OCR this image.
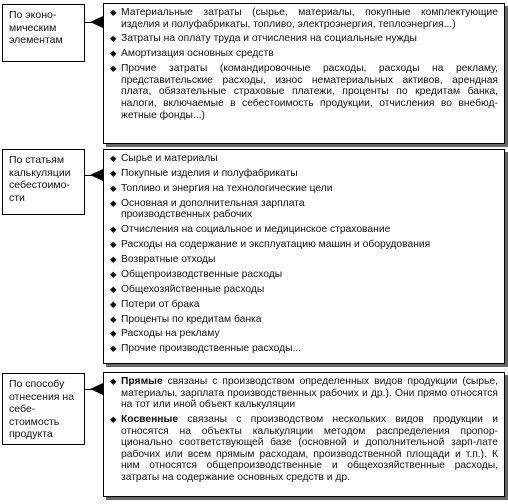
По эконо-мическим элементам
◆ Материальные затраты (сырье, материалы, покупные комплектующие изделия и полуфабрикаты, топливо, электроэнергия, теплоэнергия...)
◆ Затраты на оплату труда и отчисления на социальные нужды
◆ Амортизация основных средств
◆ Прочие затраты (командировочные расходы, расходы на рекламу, представительские расходы, износ нематериальных активов, арендная плата, обязательные страховые платежи, проценты по кредитам банка, налоги, включаемые в себестоимость продукции, отчисления во внебюд-жетные фонды...)
По статьям калькуляции себестоимо-сти
◆ Сырье и материалы
◆ Покупные изделия и полуфабрикаты
◆ Топливо и энергия на технологические цели
◆ Основная и дополнительная зарплата производственных рабочих
◆ Отчисления на социальное и медицинское страхование
◆ Расходы на содержание и эксплуатацию машин и оборудования
◆ Возвратные отходы
◆ Общепроизводственные расходы
◆ Общехозяйственные расходы
◆ Потери от брака
◆ Проценты по кредитам банка
◆ Расходы на рекламу
◆ Прочие производственные расходы...
По способу отнесения на себе-стоимость продукта
◆ Прямые связаны с производством определенных видов продукции (сырье, материалы, зарплата производственных рабочих и др.). Они прямо относятся на тот или иной объект калькуляции
◆ Косвенные связаны с производством нескольких видов продукции и относятся на объекты калькуляции методом распределения пропор-ционально соответствующей базе (основной и дополнительной зарп-лате рабочих или всем прямым расходам, производственной площади и т.п.). К ним относятся общепроизводственные и общехозяйственные расходы, затраты на содержание основных средств и др.
